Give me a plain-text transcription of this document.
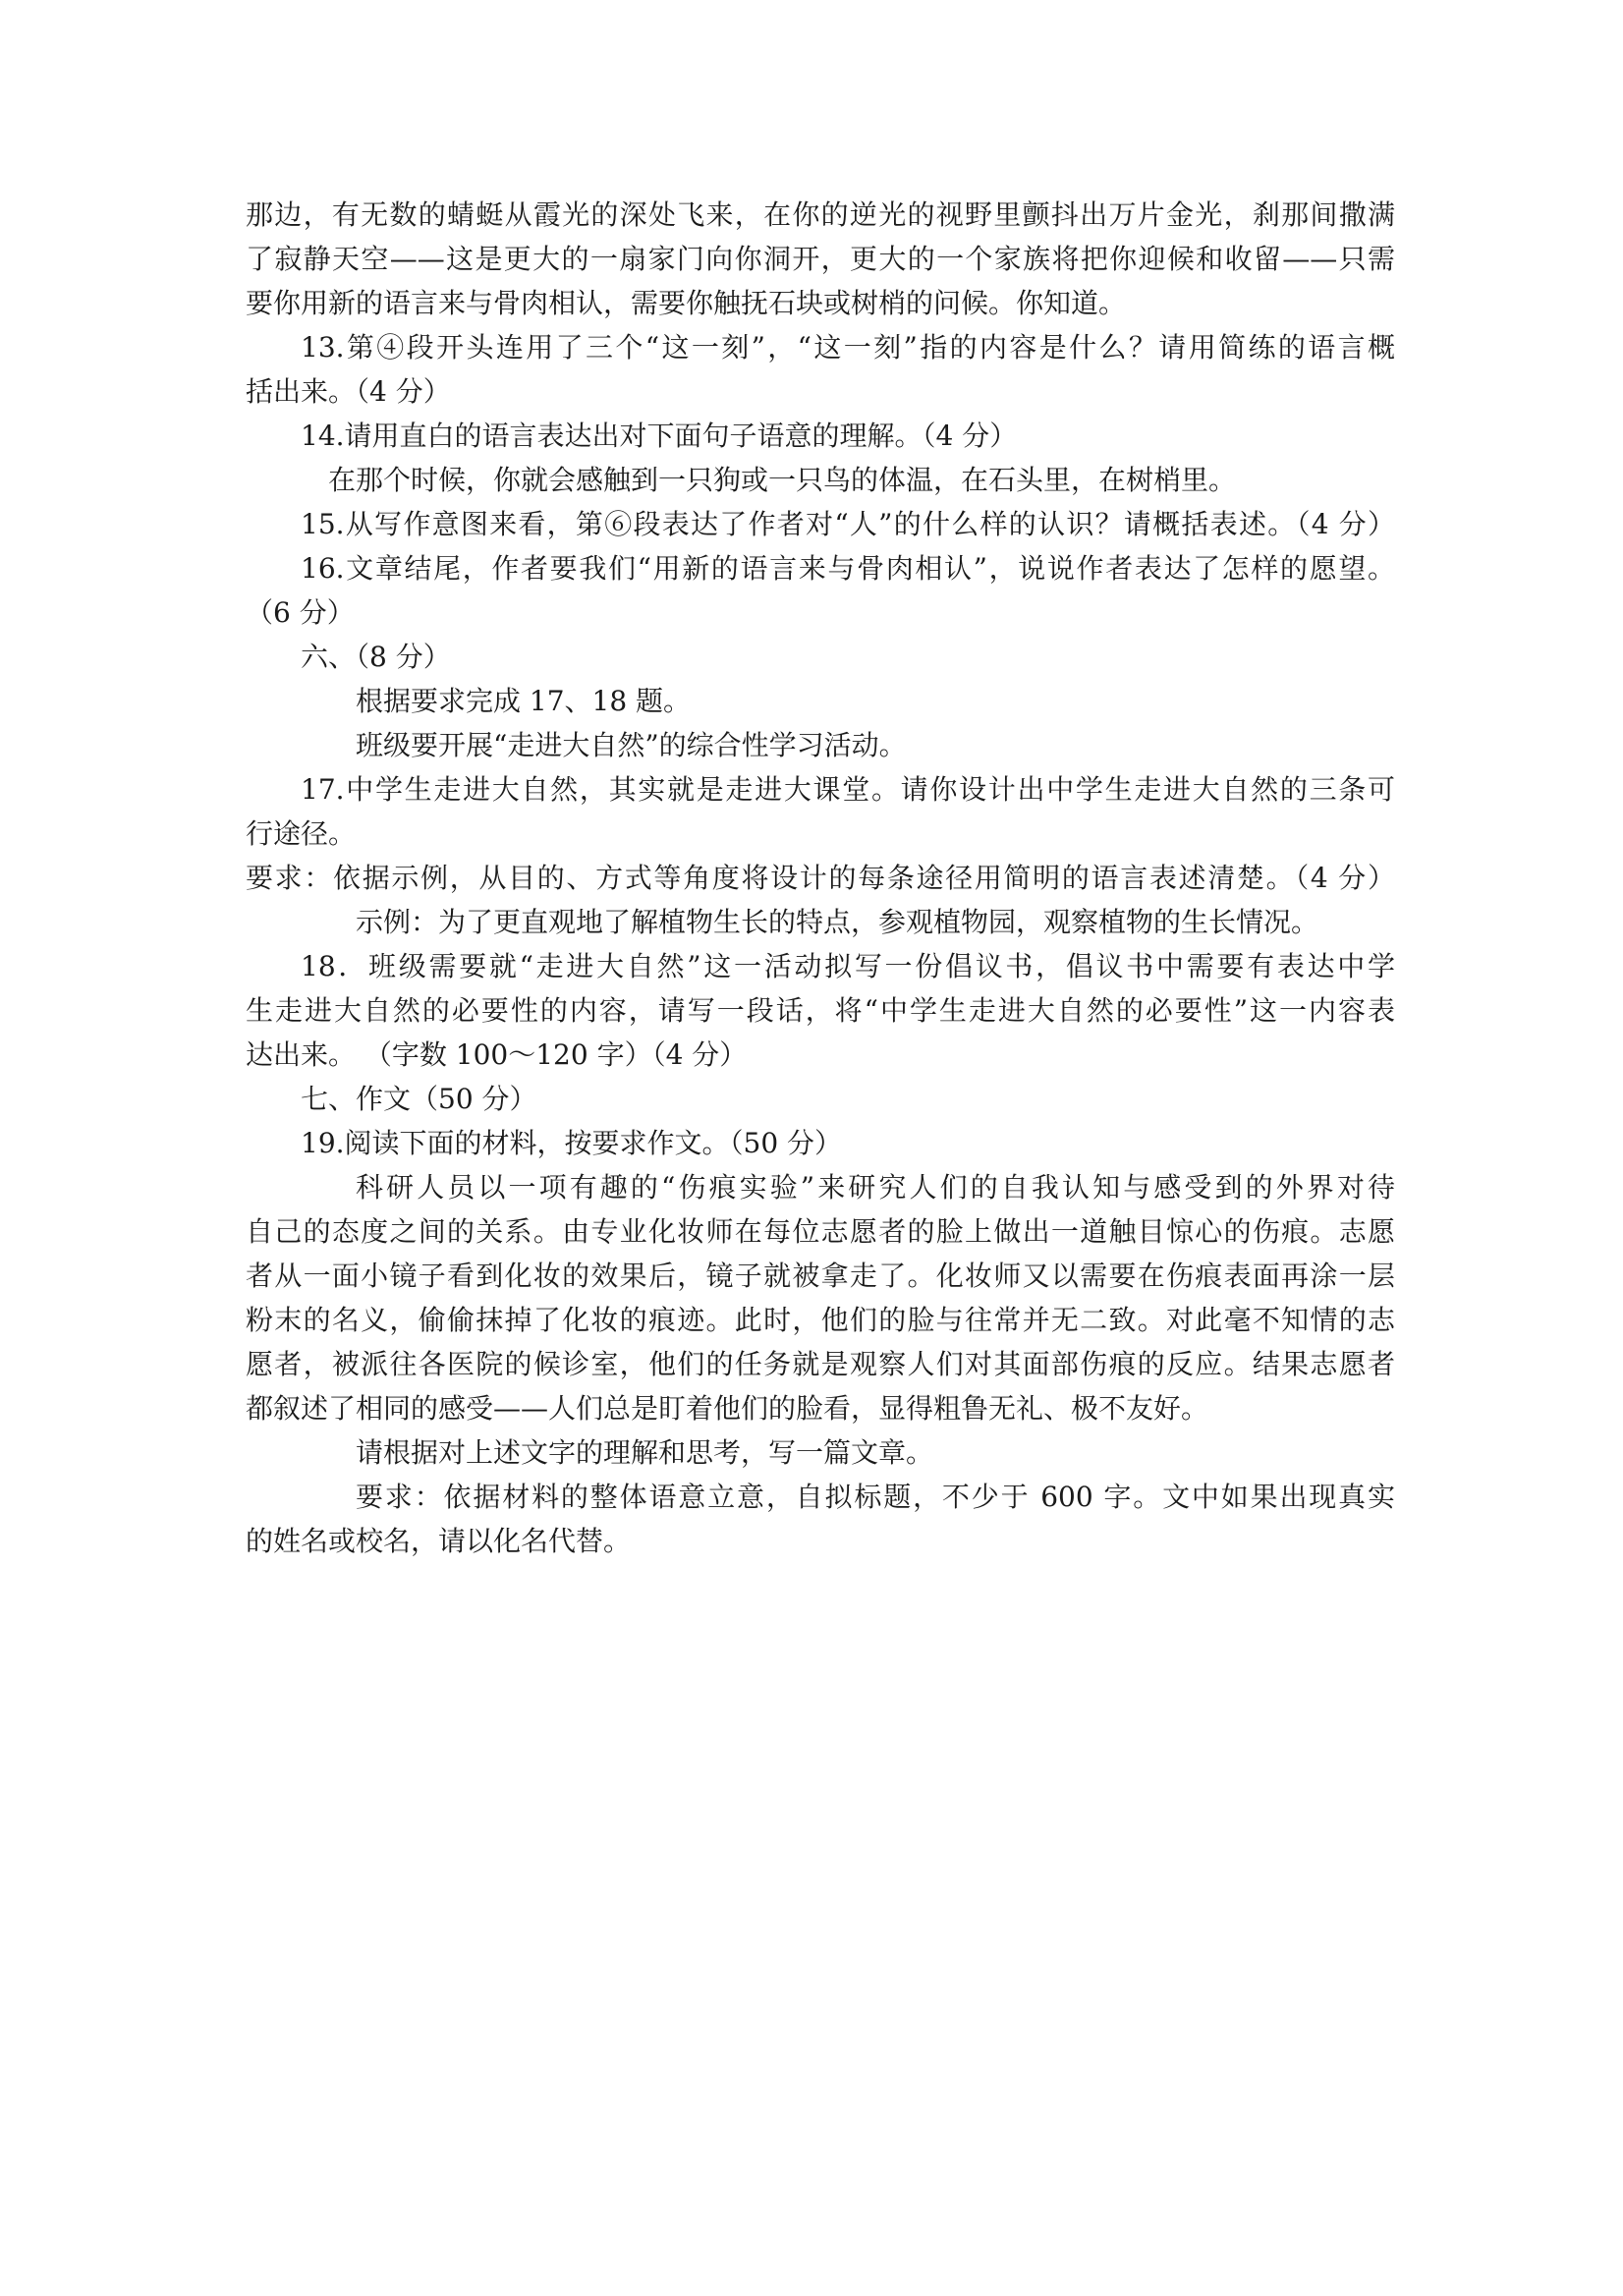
那边，有无数的蜻蜓从霞光的深处飞来，在你的逆光的视野里颤抖出万片金光，刹那间撒满
了寂静天空——这是更大的一扇家门向你洞开，更大的一个家族将把你迎候和收留——只需
要你用新的语言来与骨肉相认，需要你触抚石块或树梢的问候。你知道。
13.第④段开头连用了三个“这一刻”，“这一刻”指的内容是什么？请用简练的语言概
括出来。（4 分）
14.请用直白的语言表达出对下面句子语意的理解。（4 分）
在那个时候，你就会感触到一只狗或一只鸟的体温，在石头里，在树梢里。
15.从写作意图来看，第⑥段表达了作者对“人”的什么样的认识？请概括表述。（4 分）
16.文章结尾，作者要我们“用新的语言来与骨肉相认”，说说作者表达了怎样的愿望。
（6 分）
六、（8 分）
根据要求完成 17、18 题。
班级要开展“走进大自然”的综合性学习活动。
17.中学生走进大自然，其实就是走进大课堂。请你设计出中学生走进大自然的三条可
行途径。
要求：依据示例，从目的、方式等角度将设计的每条途径用简明的语言表述清楚。（4 分）
示例：为了更直观地了解植物生长的特点，参观植物园，观察植物的生长情况。
18．班级需要就“走进大自然”这一活动拟写一份倡议书，倡议书中需要有表达中学
生走进大自然的必要性的内容，请写一段话，将“中学生走进大自然的必要性”这一内容表
达出来。 （字数 100～120 字）（4 分）
七、作文（50 分）
19.阅读下面的材料，按要求作文。（50 分）
科研人员以一项有趣的“伤痕实验”来研究人们的自我认知与感受到的外界对待
自己的态度之间的关系。由专业化妆师在每位志愿者的脸上做出一道触目惊心的伤痕。志愿
者从一面小镜子看到化妆的效果后，镜子就被拿走了。化妆师又以需要在伤痕表面再涂一层
粉末的名义，偷偷抹掉了化妆的痕迹。此时，他们的脸与往常并无二致。对此毫不知情的志
愿者，被派往各医院的候诊室，他们的任务就是观察人们对其面部伤痕的反应。结果志愿者
都叙述了相同的感受——人们总是盯着他们的脸看，显得粗鲁无礼、极不友好。
请根据对上述文字的理解和思考，写一篇文章。
要求：依据材料的整体语意立意，自拟标题，不少于 600 字。文中如果出现真实
的姓名或校名，请以化名代替。
